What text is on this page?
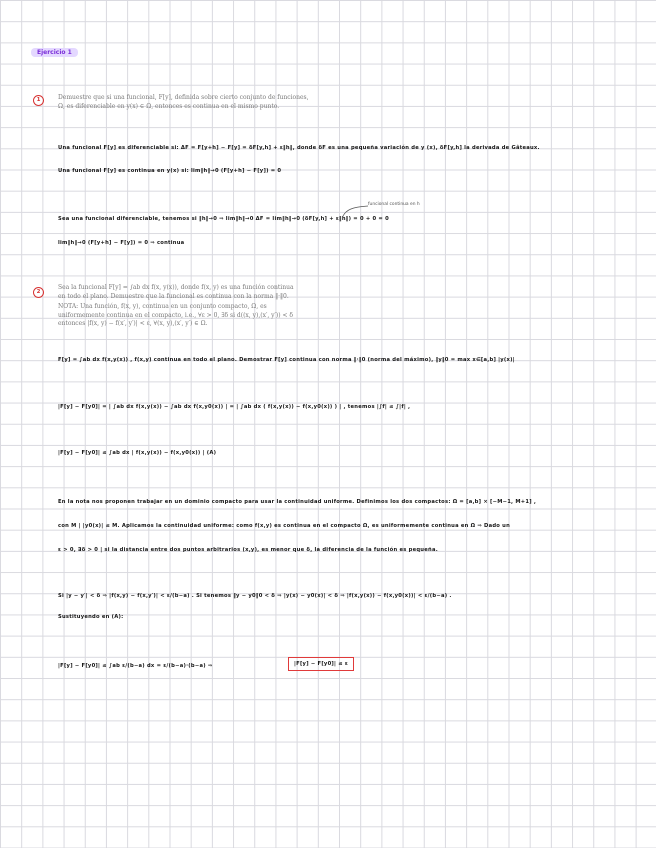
Ejercicio 1
1	Demuestre que si una funcional, F[y], definida sobre cierto conjunto de funciones, Ω, es diferenciable en y(x) ∈ Ω, entonces es continua en el mismo punto.
Una funcional F[y] es diferenciable si: ΔF = F[y+h] − F[y] = δF[y,h] + ε‖h‖, donde δF es una pequeña variación de y (x), δF[y,h] la derivada de Gâteaux.
Una funcional F[y] es continua en y(x) si: lim‖h‖→0 (F[y+h] − F[y]) = 0
funcional continua en h
Sea una funcional diferenciable, tenemos si ‖h‖→0 ⇒ lim‖h‖→0 ΔF = lim‖h‖→0 (δF[y,h] + ε‖h‖) = 0 + 0 = 0
lim‖h‖→0 (F[y+h] − F[y]) = 0 ⇒ continua
2
Sea la funcional F[y] = ∫ab dx f(x, y(x)), donde f(x, y) es una función continua en todo el plano. Demuestre que la funcional es continua con la norma ‖·‖0.
NOTA: Una función, f(x, y), continua en un conjunto compacto, Ω, es uniformemente continua en el compacto, i.e., ∀ε > 0, ∃δ si d((x, y),(x′, y′)) < δ entonces |f(x, y) − f(x′, y′)| < ε, ∀(x, y),(x′, y′) ∈ Ω.
F[y] = ∫ab dx f(x,y(x)) , f(x,y) continua en todo el plano. Demostrar F[y] continua con norma ‖·‖0 (norma del máximo), ‖y‖0 = max x∈[a,b] |y(x)|
|F[y] − F[y0]| = | ∫ab dx f(x,y(x)) − ∫ab dx f(x,y0(x)) | = | ∫ab dx ( f(x,y(x)) − f(x,y0(x)) ) | , tenemos |∫f| ≤ ∫|f| ,
|F[y] − F[y0]| ≤ ∫ab dx | f(x,y(x)) − f(x,y0(x)) | (A)
En la nota nos proponen trabajar en un dominio compacto para usar la continuidad uniforme. Definimos los dos compactos: Ω = [a,b] × [−M−1, M+1] ,
con M | |y0(x)| ≤ M. Aplicamos la continuidad uniforme: como f(x,y) es continua en el compacto Ω, es uniformemente continua en Ω ⇒ Dado un
ε > 0, ∃δ > 0 | si la distancia entre dos puntos arbitrarios (x,y), es menor que δ, la diferencia de la función es pequeña.
Si |y − y′| < δ ⇒ |f(x,y) − f(x,y′)| < ε/(b−a) . Si tenemos ‖y − y0‖0 < δ ⇒ |y(x) − y0(x)| < δ ⇒ |f(x,y(x)) − f(x,y0(x))| < ε/(b−a) .
Sustituyendo en (A):
|F[y] − F[y0]| ≤ ∫ab ε/(b−a) dx = ε/(b−a)·(b−a) ⇒	|F[y] − F[y0]| ≤ ε
